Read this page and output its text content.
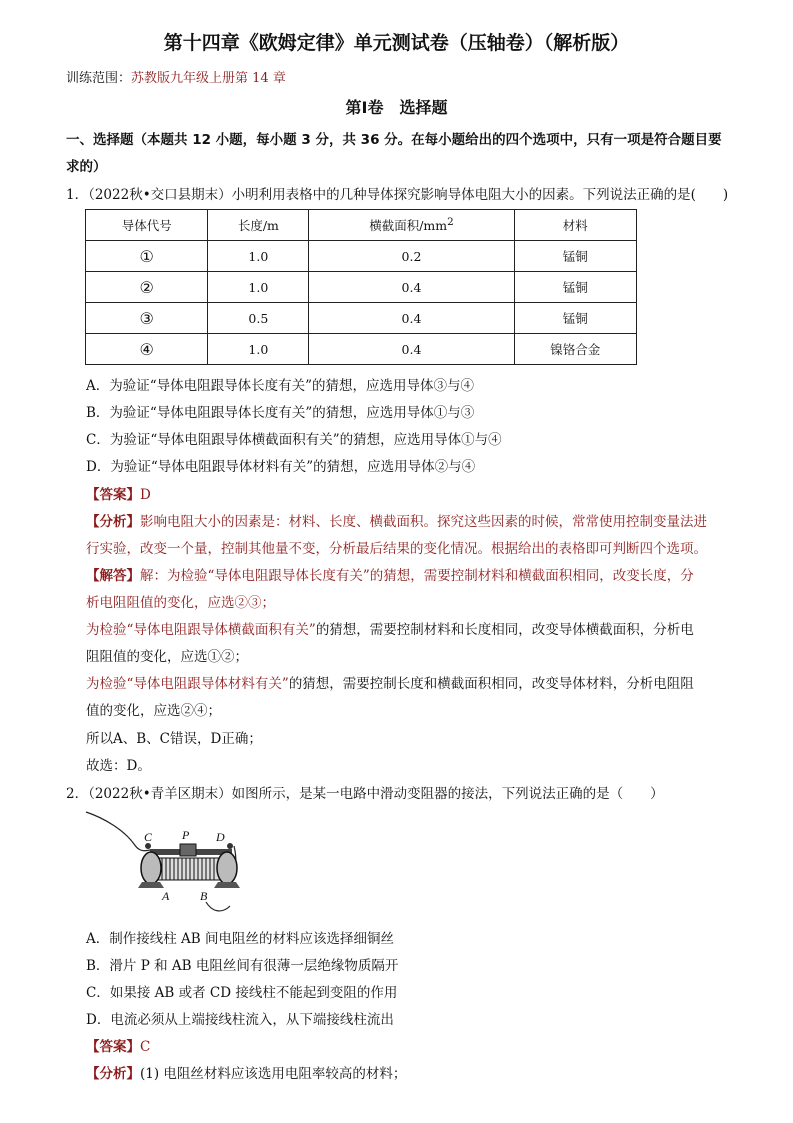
第十四章《欧姆定律》单元测试卷（压轴卷）（解析版）
训练范围：苏教版九年级上册第 14 章
第Ⅰ卷　选择题
一、选择题（本题共 12 小题，每小题 3 分，共 36 分。在每小题给出的四个选项中，只有一项是符合题目要
求的）
1．（2022秋•交口县期末）小明利用表格中的几种导体探究影响导体电阻大小的因素。下列说法正确的是(　　)
导体代号	长度/m	横截面积$/mm^2$	材料
①	1.0	0.2	锰铜
②	1.0	0.4	锰铜
③	0.5	0.4	锰铜
④	1.0	0.4	镍铬合金
A．为验证“导体电阻跟导体长度有关”的猜想，应选用导体③与④
B．为验证“导体电阻跟导体长度有关”的猜想，应选用导体①与③
C．为验证“导体电阻跟导体横截面积有关”的猜想，应选用导体①与④
D．为验证“导体电阻跟导体材料有关”的猜想，应选用导体②与④
【答案】D
【分析】影响电阻大小的因素是：材料、长度、横截面积。探究这些因素的时候，常常使用控制变量法进
行实验，改变一个量，控制其他量不变，分析最后结果的变化情况。根据给出的表格即可判断四个选项。
【解答】解：为检验“导体电阻跟导体长度有关”的猜想，需要控制材料和横截面积相同，改变长度，分
析电阻阻值的变化，应选②③；
为检验“导体电阻跟导体横截面积有关”的猜想，需要控制材料和长度相同，改变导体横截面积，分析电
阻阻值的变化，应选①②；
为检验“导体电阻跟导体材料有关”的猜想，需要控制长度和横截面积相同，改变导体材料，分析电阻阻
值的变化，应选②④；
所以A、B、C错误，D正确；
故选：D。
2．（2022秋•青羊区期末）如图所示，是某一电路中滑动变阻器的接法，下列说法正确的是（　　）
C P D
A	B
A．制作接线柱 AB 间电阻丝的材料应该选择细铜丝
B．滑片 P 和 AB 电阻丝间有很薄一层绝缘物质隔开
C．如果接 AB 或者 CD 接线柱不能起到变阻的作用
D．电流必须从上端接线柱流入，从下端接线柱流出
【答案】C
【分析】(1) 电阻丝材料应该选用电阻率较高的材料；
